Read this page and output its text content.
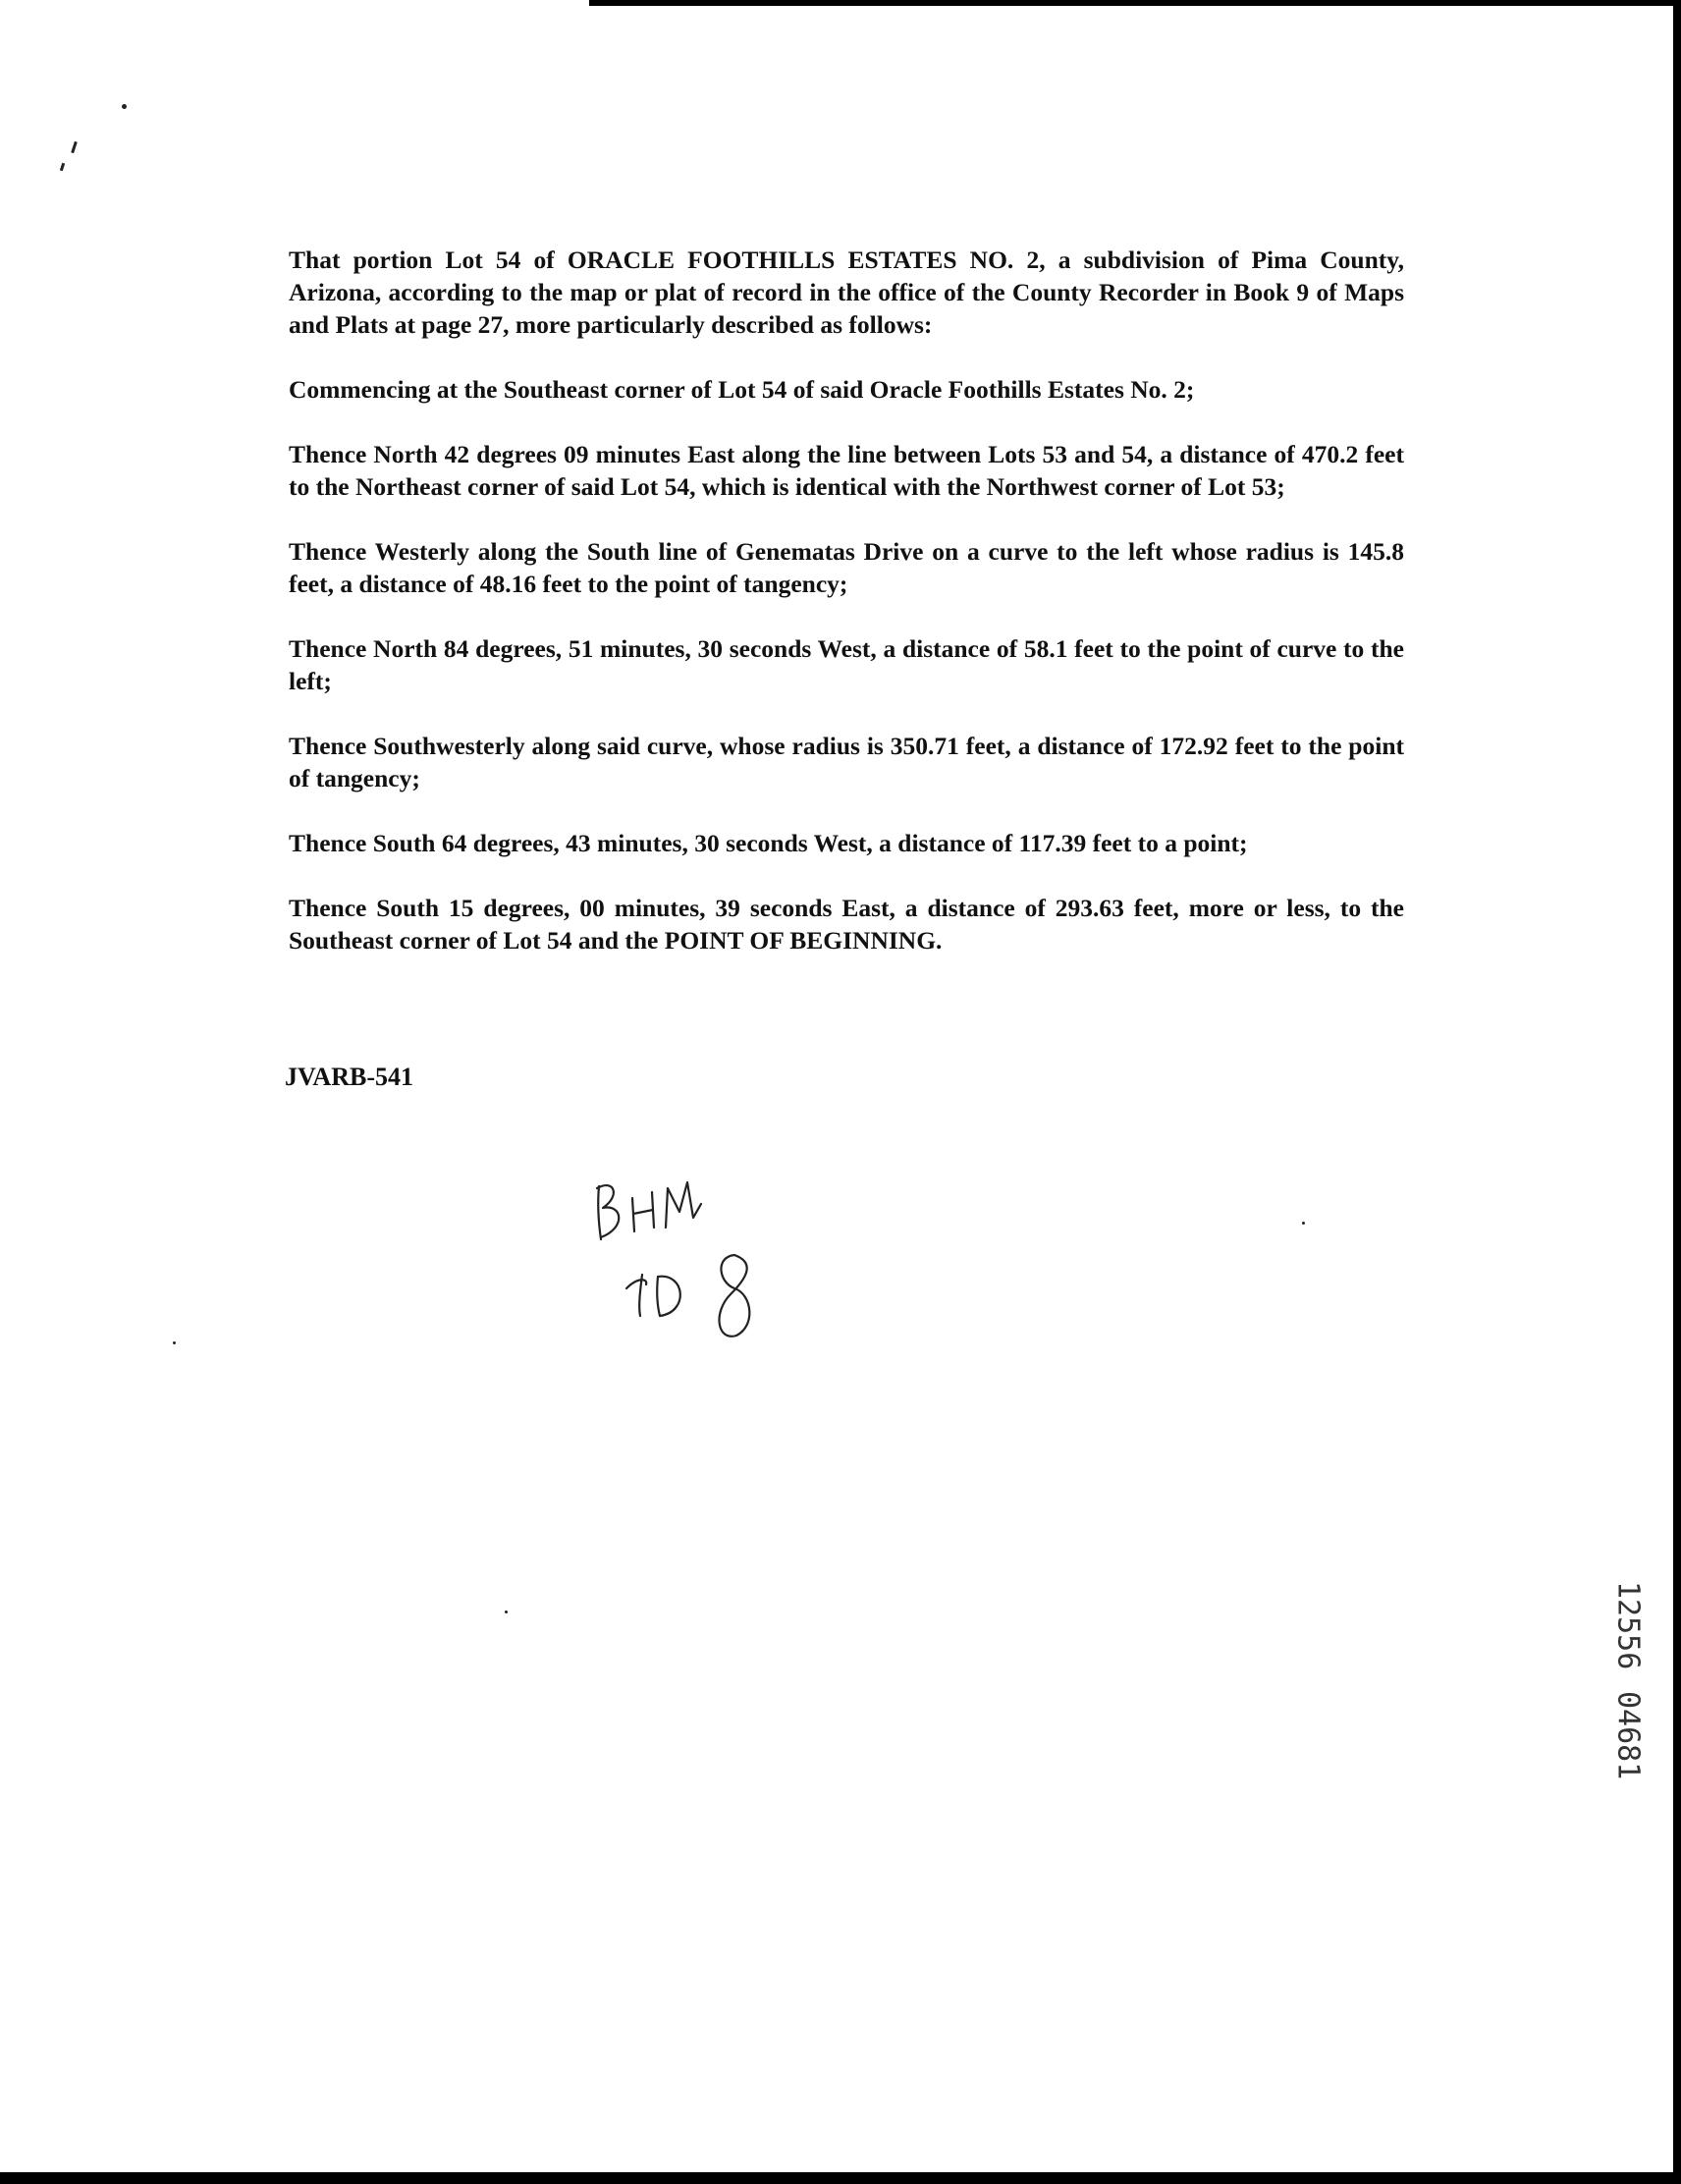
That portion Lot 54 of ORACLE FOOTHILLS ESTATES NO. 2, a subdivision of Pima County, Arizona, according to the map or plat of record in the office of the County Recorder in Book 9 of Maps and Plats at page 27, more particularly described as follows:

Commencing at the Southeast corner of Lot 54 of said Oracle Foothills Estates No. 2;

Thence North 42 degrees 09 minutes East along the line between Lots 53 and 54, a distance of 470.2 feet to the Northeast corner of said Lot 54, which is identical with the Northwest corner of Lot 53;

Thence Westerly along the South line of Genematas Drive on a curve to the left whose radius is 145.8 feet, a distance of 48.16 feet to the point of tangency;

Thence North 84 degrees, 51 minutes, 30 seconds West, a distance of 58.1 feet to the point of curve to the left;

Thence Southwesterly along said curve, whose radius is 350.71 feet, a distance of 172.92 feet to the point of tangency;

Thence South 64 degrees, 43 minutes, 30 seconds West, a distance of 117.39 feet to a point;

Thence South 15 degrees, 00 minutes, 39 seconds East, a distance of 293.63 feet, more or less, to the Southeast corner of Lot 54 and the POINT OF BEGINNING.

JVARB-541
12556
04681
